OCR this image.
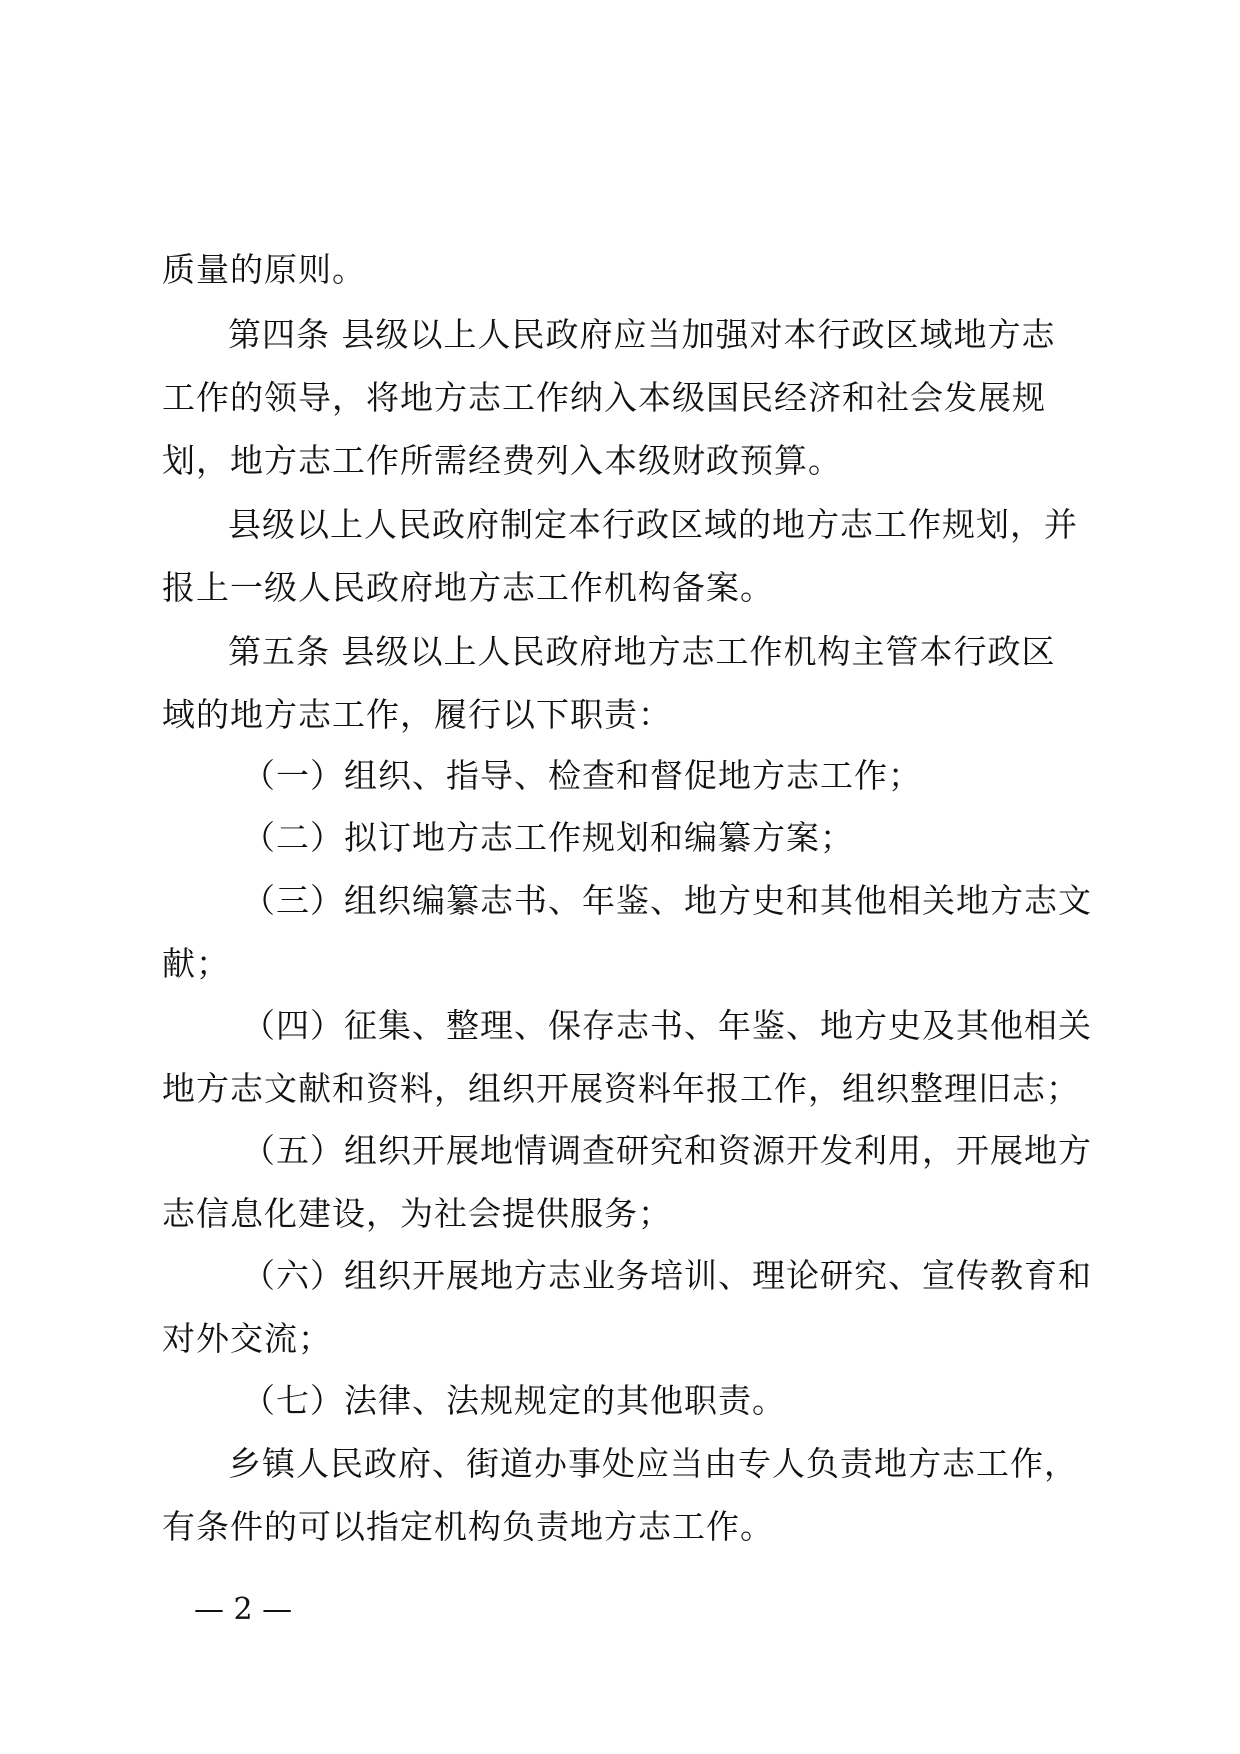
质量的原则。
第四条 县级以上人民政府应当加强对本行政区域地方志
工作的领导，将地方志工作纳入本级国民经济和社会发展规
划，地方志工作所需经费列入本级财政预算。
县级以上人民政府制定本行政区域的地方志工作规划，并
报上一级人民政府地方志工作机构备案。
第五条 县级以上人民政府地方志工作机构主管本行政区
域的地方志工作，履行以下职责：
（一）组织、指导、检查和督促地方志工作；
（二）拟订地方志工作规划和编纂方案；
（三）组织编纂志书、年鉴、地方史和其他相关地方志文
献；
（四）征集、整理、保存志书、年鉴、地方史及其他相关
地方志文献和资料，组织开展资料年报工作，组织整理旧志；
（五）组织开展地情调查研究和资源开发利用，开展地方
志信息化建设，为社会提供服务；
（六）组织开展地方志业务培训、理论研究、宣传教育和
对外交流；
（七）法律、法规规定的其他职责。
乡镇人民政府、街道办事处应当由专人负责地方志工作，
有条件的可以指定机构负责地方志工作。
— 2 —
